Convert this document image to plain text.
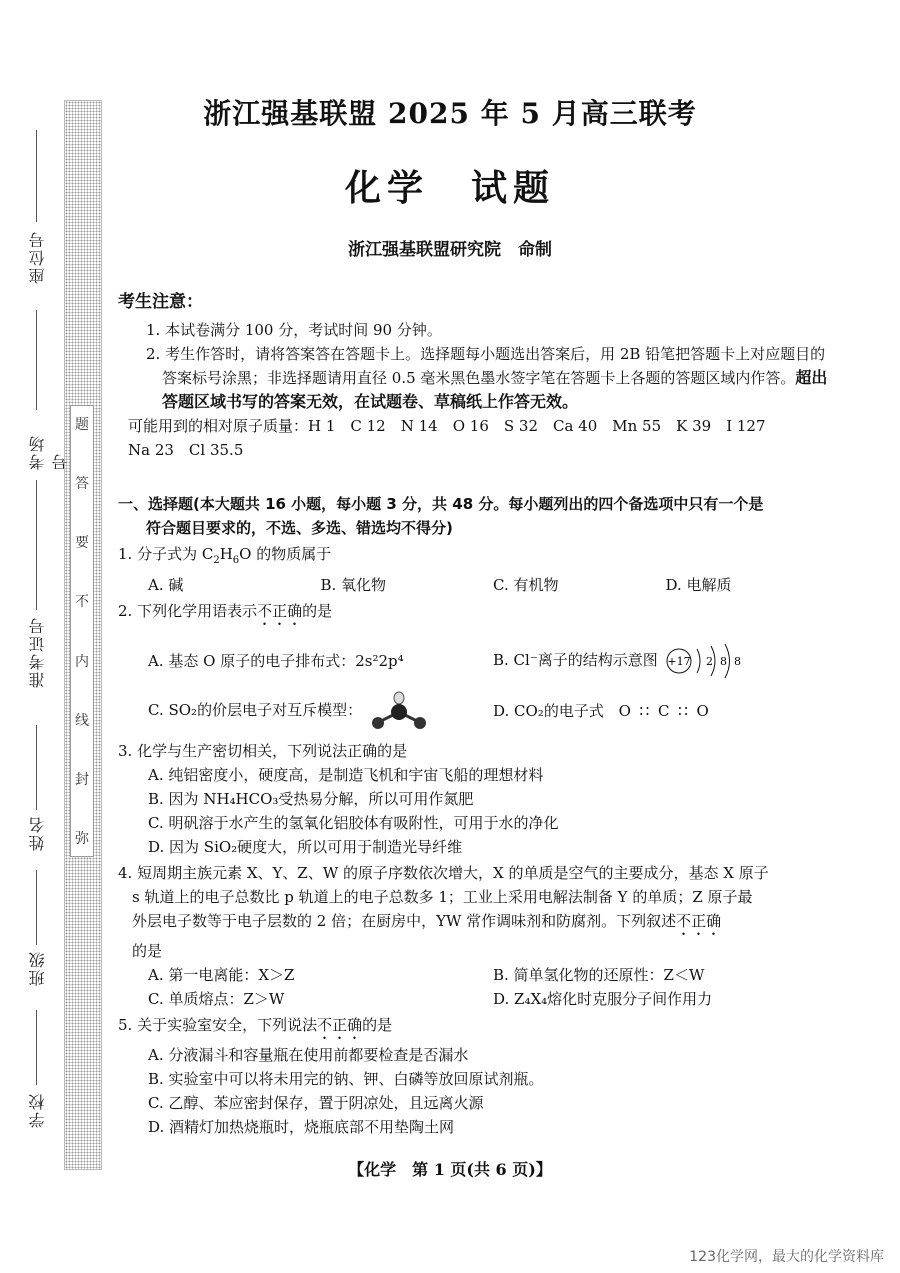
题
答
要
不
内
线
封
弥
座位号
考场号
准考证号
姓名
班级
学校
浙江强基联盟 2025 年 5 月高三联考
化学　试题
浙江强基联盟研究院　命制
考生注意：
1. 本试卷满分 100 分，考试时间 90 分钟。
2. 考生作答时，请将答案答在答题卡上。选择题每小题选出答案后，用 2B 铅笔把答题卡上对应题目的答案标号涂黑；非选择题请用直径 0.5 毫米黑色墨水签字笔在答题卡上各题的答题区域内作答。超出答题区域书写的答案无效，在试题卷、草稿纸上作答无效。
可能用到的相对原子质量：H 1　C 12　N 14　O 16　S 32　Ca 40　Mn 55　K 39　I 127
Na 23　Cl 35.5
一、选择题(本大题共 16 小题，每小题 3 分，共 48 分。每小题列出的四个备选项中只有一个是
符合题目要求的，不选、多选、错选均不得分)
1. 分子式为 $C_2H_6O$ 的物质属于
A. 碱	B. 氧化物	C. 有机物	D. 电解质
2. 下列化学用语表示不正确的是
A. 基态 O 原子的电子排布式：2s²2p⁴	B. Cl⁻离子的结构示意图 +17 2 8 8
C. SO₂的价层电子对互斥模型：	D. CO₂的电子式 O ∷ C ∷ O
3. 化学与生产密切相关，下列说法正确的是
A. 纯铝密度小，硬度高，是制造飞机和宇宙飞船的理想材料
B. 因为 NH₄HCO₃受热易分解，所以可用作氮肥
C. 明矾溶于水产生的氢氧化铝胶体有吸附性，可用于水的净化
D. 因为 SiO₂硬度大，所以可用于制造光导纤维
4. 短周期主族元素 X、Y、Z、W 的原子序数依次增大，X 的单质是空气的主要成分，基态 X 原子
s 轨道上的电子总数比 p 轨道上的电子总数多 1；工业上采用电解法制备 Y 的单质；Z 原子最
外层电子数等于电子层数的 2 倍；在厨房中，YW 常作调味剂和防腐剂。下列叙述不正确
的是
A. 第一电离能：X＞Z	B. 简单氢化物的还原性：Z＜W
C. 单质熔点：Z＞W	D. Z₄X₄熔化时克服分子间作用力
5. 关于实验室安全，下列说法不正确的是
A. 分液漏斗和容量瓶在使用前都要检查是否漏水
B. 实验室中可以将未用完的钠、钾、白磷等放回原试剂瓶。
C. 乙醇、苯应密封保存，置于阴凉处，且远离火源
D. 酒精灯加热烧瓶时，烧瓶底部不用垫陶土网
【化学　第 1 页(共 6 页)】
123化学网，最大的化学资料库
